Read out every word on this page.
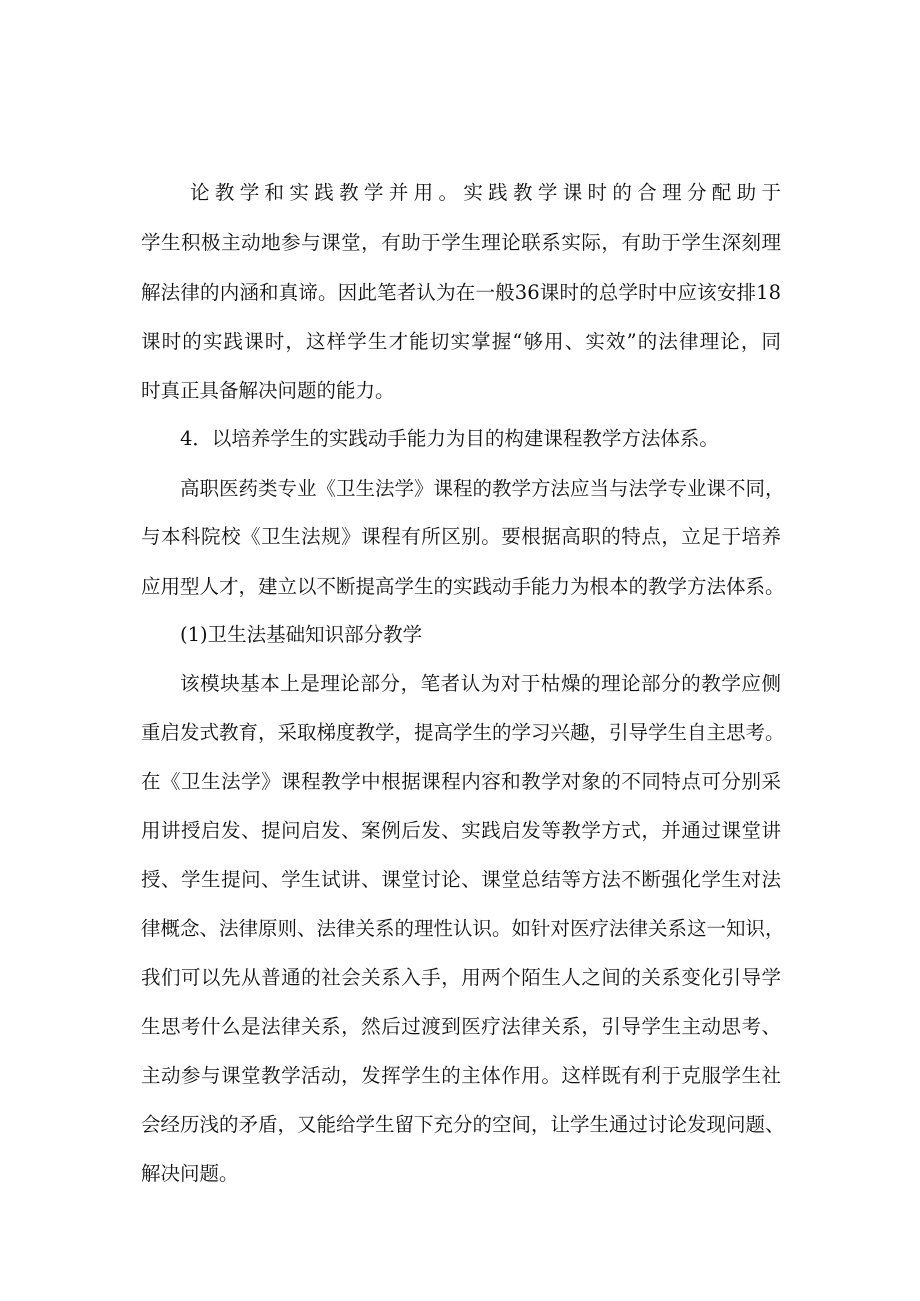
论教学和实践教学并用。实践教学课时的合理分配助于
学生积极主动地参与课堂，有助于学生理论联系实际，有助于学生深刻理
解法律的内涵和真谛。因此笔者认为在一般36课时的总学时中应该安排18
课时的实践课时，这样学生才能切实掌握“够用、实效”的法律理论，同
时真正具备解决问题的能力。
4．以培养学生的实践动手能力为目的构建课程教学方法体系。
高职医药类专业《卫生法学》课程的教学方法应当与法学专业课不同，
与本科院校《卫生法规》课程有所区别。要根据高职的特点，立足于培养
应用型人才，建立以不断提高学生的实践动手能力为根本的教学方法体系。
(1)卫生法基础知识部分教学
该模块基本上是理论部分，笔者认为对于枯燥的理论部分的教学应侧
重启发式教育，采取梯度教学，提高学生的学习兴趣，引导学生自主思考。
在《卫生法学》课程教学中根据课程内容和教学对象的不同特点可分别采
用讲授启发、提问启发、案例后发、实践启发等教学方式，并通过课堂讲
授、学生提问、学生试讲、课堂讨论、课堂总结等方法不断强化学生对法
律概念、法律原则、法律关系的理性认识。如针对医疗法律关系这一知识，
我们可以先从普通的社会关系入手，用两个陌生人之间的关系变化引导学
生思考什么是法律关系，然后过渡到医疗法律关系，引导学生主动思考、
主动参与课堂教学活动，发挥学生的主体作用。这样既有利于克服学生社
会经历浅的矛盾，又能给学生留下充分的空间，让学生通过讨论发现问题、
解决问题。
